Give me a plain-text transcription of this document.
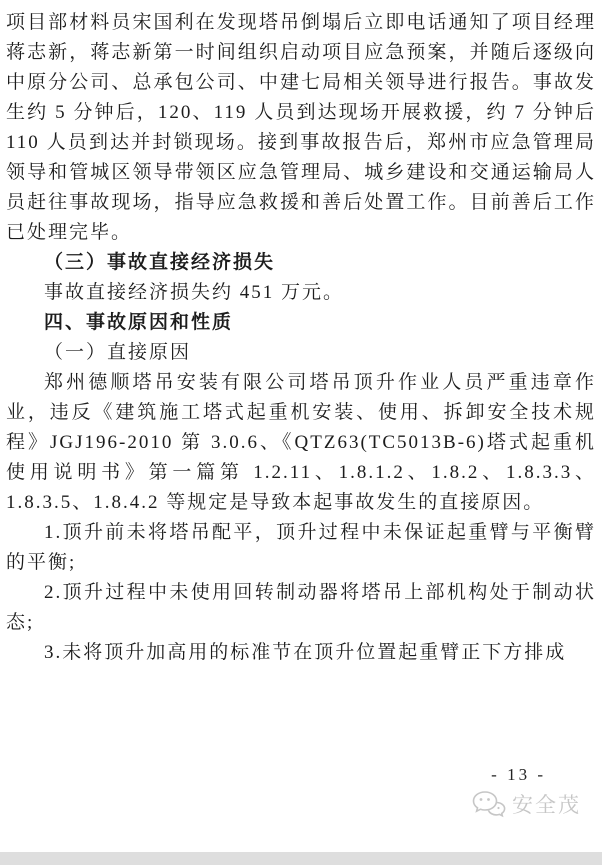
项目部材料员宋国利在发现塔吊倒塌后立即电话通知了项目经理蒋志新，蒋志新第一时间组织启动项目应急预案，并随后逐级向中原分公司、总承包公司、中建七局相关领导进行报告。事故发生约 5 分钟后，120、119 人员到达现场开展救援，约 7 分钟后 110 人员到达并封锁现场。接到事故报告后，郑州市应急管理局领导和管城区领导带领区应急管理局、城乡建设和交通运输局人员赶往事故现场，指导应急救援和善后处置工作。目前善后工作已处理完毕。

（三）事故直接经济损失

事故直接经济损失约 451 万元。

四、事故原因和性质

（一）直接原因

郑州德顺塔吊安装有限公司塔吊顶升作业人员严重违章作业，违反《建筑施工塔式起重机安装、使用、拆卸安全技术规程》JGJ196-2010 第 3.0.6、《QTZ63(TC5013B-6)塔式起重机使用说明书》第一篇第 1.2.11、1.8.1.2、1.8.2、1.8.3.3、1.8.3.5、1.8.4.2 等规定是导致本起事故发生的直接原因。

1.顶升前未将塔吊配平，顶升过程中未保证起重臂与平衡臂的平衡;

2.顶升过程中未使用回转制动器将塔吊上部机构处于制动状态;

3.未将顶升加高用的标准节在顶升位置起重臂正下方排成

- 13 -
安全茂
